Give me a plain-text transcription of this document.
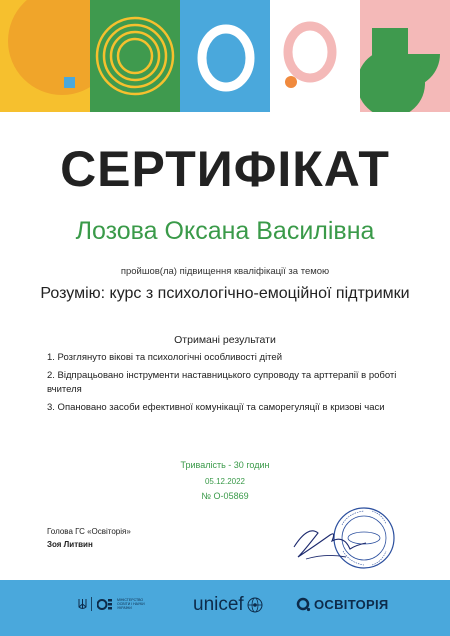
СЕРТИФІКАТ
Лозова Оксана Василівна
пройшов(ла) підвищення кваліфікації за темою
Розумію: курс з психологічно-емоційної підтримки
Отримані результати
1. Розглянуто вікові та психологічні особливості дітей
2. Відпрацьовано інструменти наставницького супроводу та арттерапії в роботі вчителя
3. Опановано засоби ефективної комунікації та саморегуляції в кризові часи
Тривалість - 30 годин
05.12.2022
№ О-05869
Голова ГС «Освіторія»
Зоя Литвин
МІНІСТЕРСТВО ОСВІТИ І НАУКИ УКРАЇНИ	unicef	ОСВІТОРІЯ
